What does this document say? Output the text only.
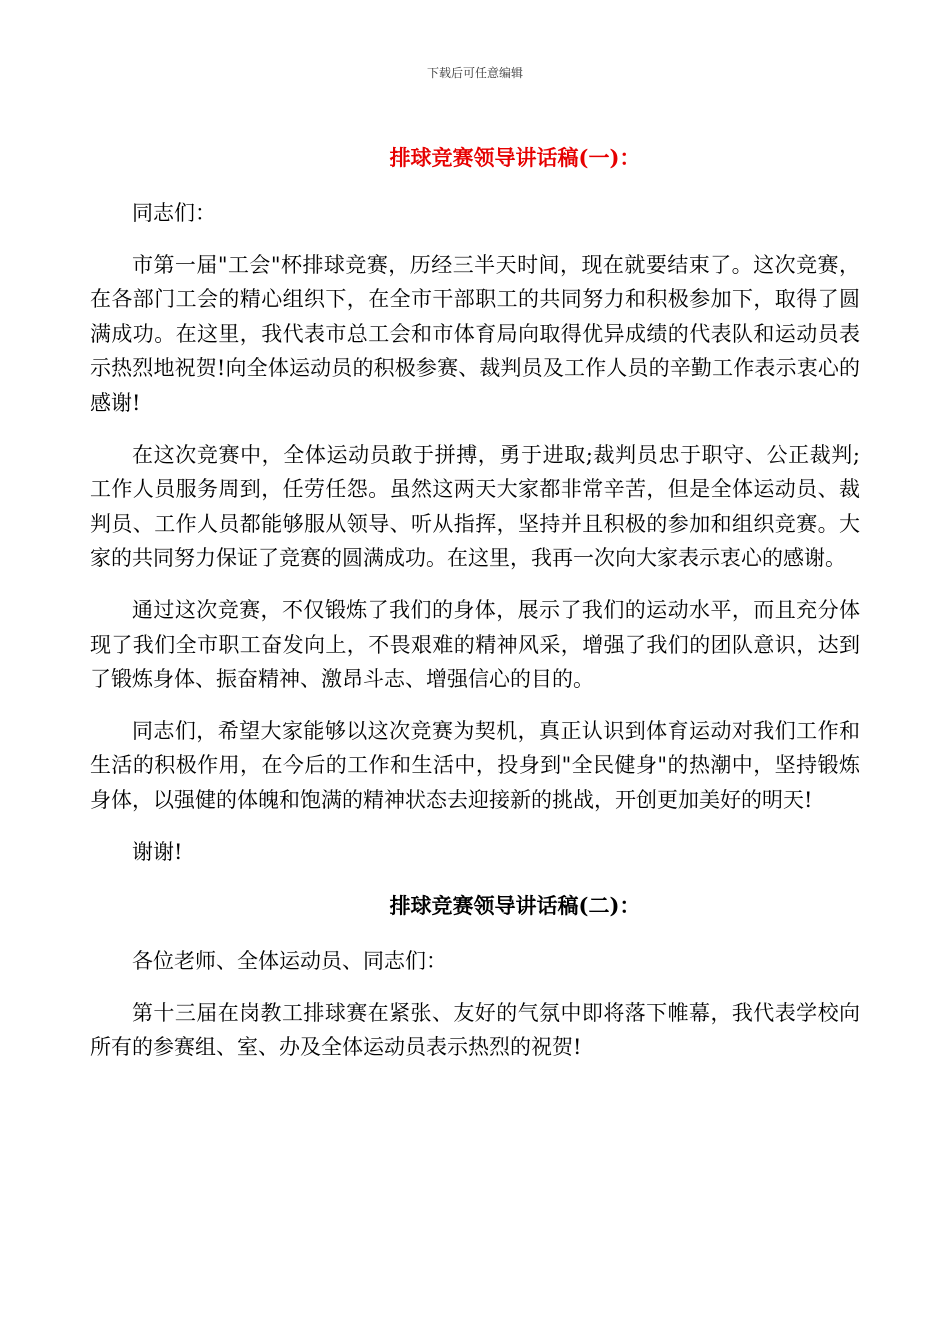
下载后可任意编辑
排球竞赛领导讲话稿(一)：

同志们：

市第一届"工会"杯排球竞赛，历经三半天时间，现在就要结束了。这次竞赛，在各部门工会的精心组织下，在全市干部职工的共同努力和积极参加下，取得了圆满成功。在这里，我代表市总工会和市体育局向取得优异成绩的代表队和运动员表示热烈地祝贺!向全体运动员的积极参赛、裁判员及工作人员的辛勤工作表示衷心的感谢!

在这次竞赛中，全体运动员敢于拼搏，勇于进取;裁判员忠于职守、公正裁判;工作人员服务周到，任劳任怨。虽然这两天大家都非常辛苦，但是全体运动员、裁判员、工作人员都能够服从领导、听从指挥，坚持并且积极的参加和组织竞赛。大家的共同努力保证了竞赛的圆满成功。在这里，我再一次向大家表示衷心的感谢。

通过这次竞赛，不仅锻炼了我们的身体，展示了我们的运动水平，而且充分体现了我们全市职工奋发向上，不畏艰难的精神风采，增强了我们的团队意识，达到了锻炼身体、振奋精神、激昂斗志、增强信心的目的。

同志们，希望大家能够以这次竞赛为契机，真正认识到体育运动对我们工作和生活的积极作用，在今后的工作和生活中，投身到"全民健身"的热潮中，坚持锻炼身体，以强健的体魄和饱满的精神状态去迎接新的挑战，开创更加美好的明天!

谢谢!

排球竞赛领导讲话稿(二)：

各位老师、全体运动员、同志们：

第十三届在岗教工排球赛在紧张、友好的气氛中即将落下帷幕，我代表学校向所有的参赛组、室、办及全体运动员表示热烈的祝贺!
